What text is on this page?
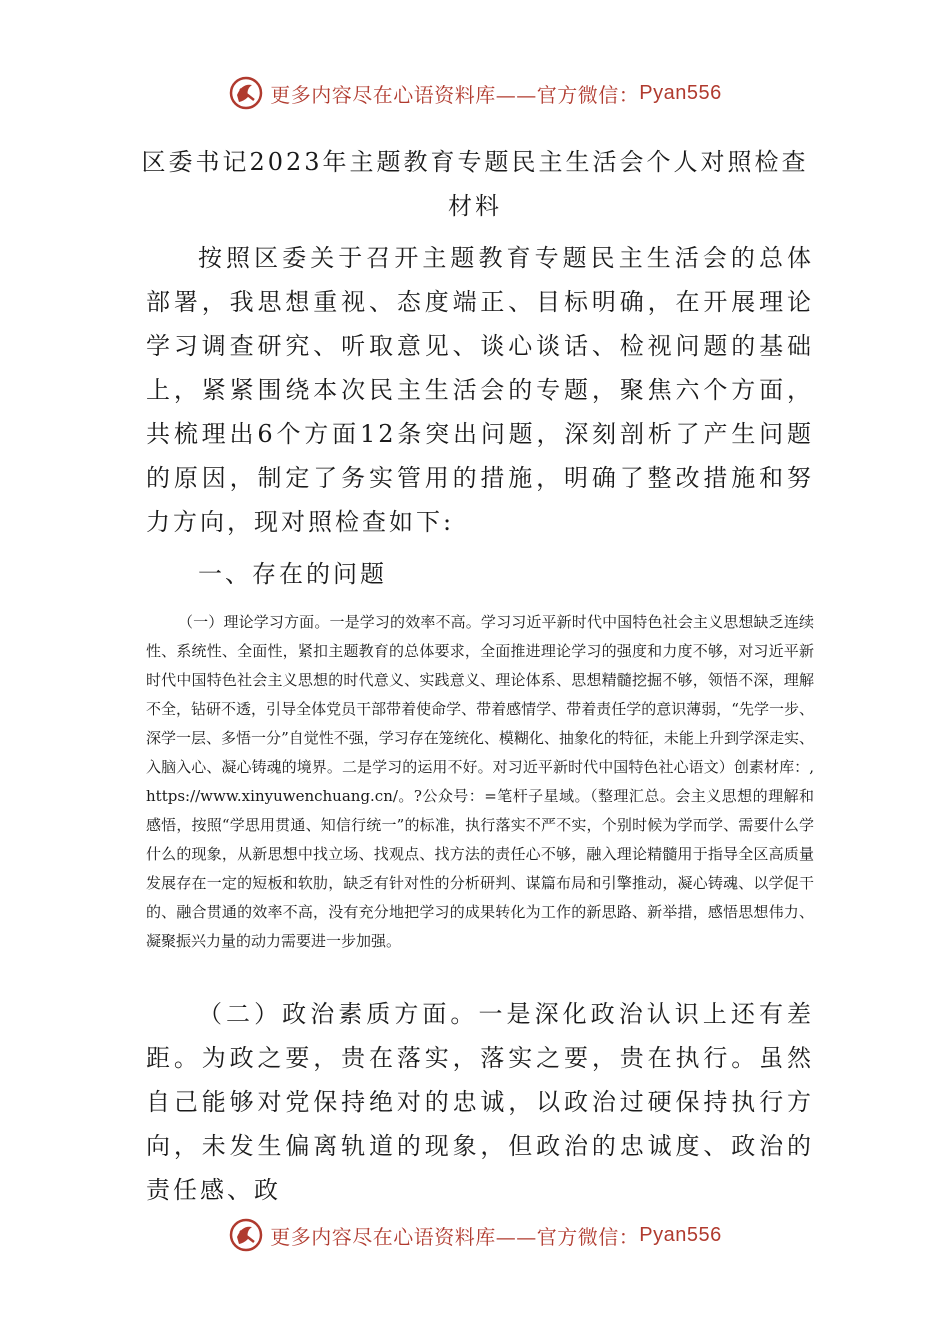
更多内容尽在心语资料库——官方微信： Pyan556
区委书记2023年主题教育专题民主生活会个人对照检查材料

按照区委关于召开主题教育专题民主生活会的总体部署，我思想重视、态度端正、目标明确，在开展理论学习调查研究、听取意见、谈心谈话、检视问题的基础上，紧紧围绕本次民主生活会的专题，聚焦六个方面，共梳理出6个方面12条突出问题，深刻剖析了产生问题的原因，制定了务实管用的措施，明确了整改措施和努力方向，现对照检查如下:

一、存在的问题

（一）理论学习方面。一是学习的效率不高。学习习近平新时代中国特色社会主义思想缺乏连续性、系统性、全面性，紧扣主题教育的总体要求，全面推进理论学习的强度和力度不够，对习近平新时代中国特色社会主义思想的时代意义、实践意义、理论体系、思想精髓挖掘不够，领悟不深，理解不全，钻研不透，引导全体党员干部带着使命学、带着感情学、带着责任学的意识薄弱，“先学一步、深学一层、多悟一分”自觉性不强，学习存在笼统化、模糊化、抽象化的特征，未能上升到学深走实、入脑入心、凝心铸魂的境界。二是学习的运用不好。对习近平新时代中国特色社心语文）创素材库：,https://www.xinyuwenchuang.cn/。?公众号：=笔杆子星域。（整理汇总。会主义思想的理解和感悟，按照“学思用贯通、知信行统一”的标准，执行落实不严不实，个别时候为学而学、需要什么学什么的现象，从新思想中找立场、找观点、找方法的责任心不够，融入理论精髓用于指导全区高质量发展存在一定的短板和软肋，缺乏有针对性的分析研判、谋篇布局和引擎推动，凝心铸魂、以学促干的、融合贯通的效率不高，没有充分地把学习的成果转化为工作的新思路、新举措，感悟思想伟力、凝聚振兴力量的动力需要进一步加强。

（二）政治素质方面。一是深化政治认识上还有差距。为政之要，贵在落实，落实之要，贵在执行。虽然自己能够对党保持绝对的忠诚，以政治过硬保持执行方向，未发生偏离轨道的现象，但政治的忠诚度、政治的责任感、政

更多内容尽在心语资料库——官方微信： Pyan556
